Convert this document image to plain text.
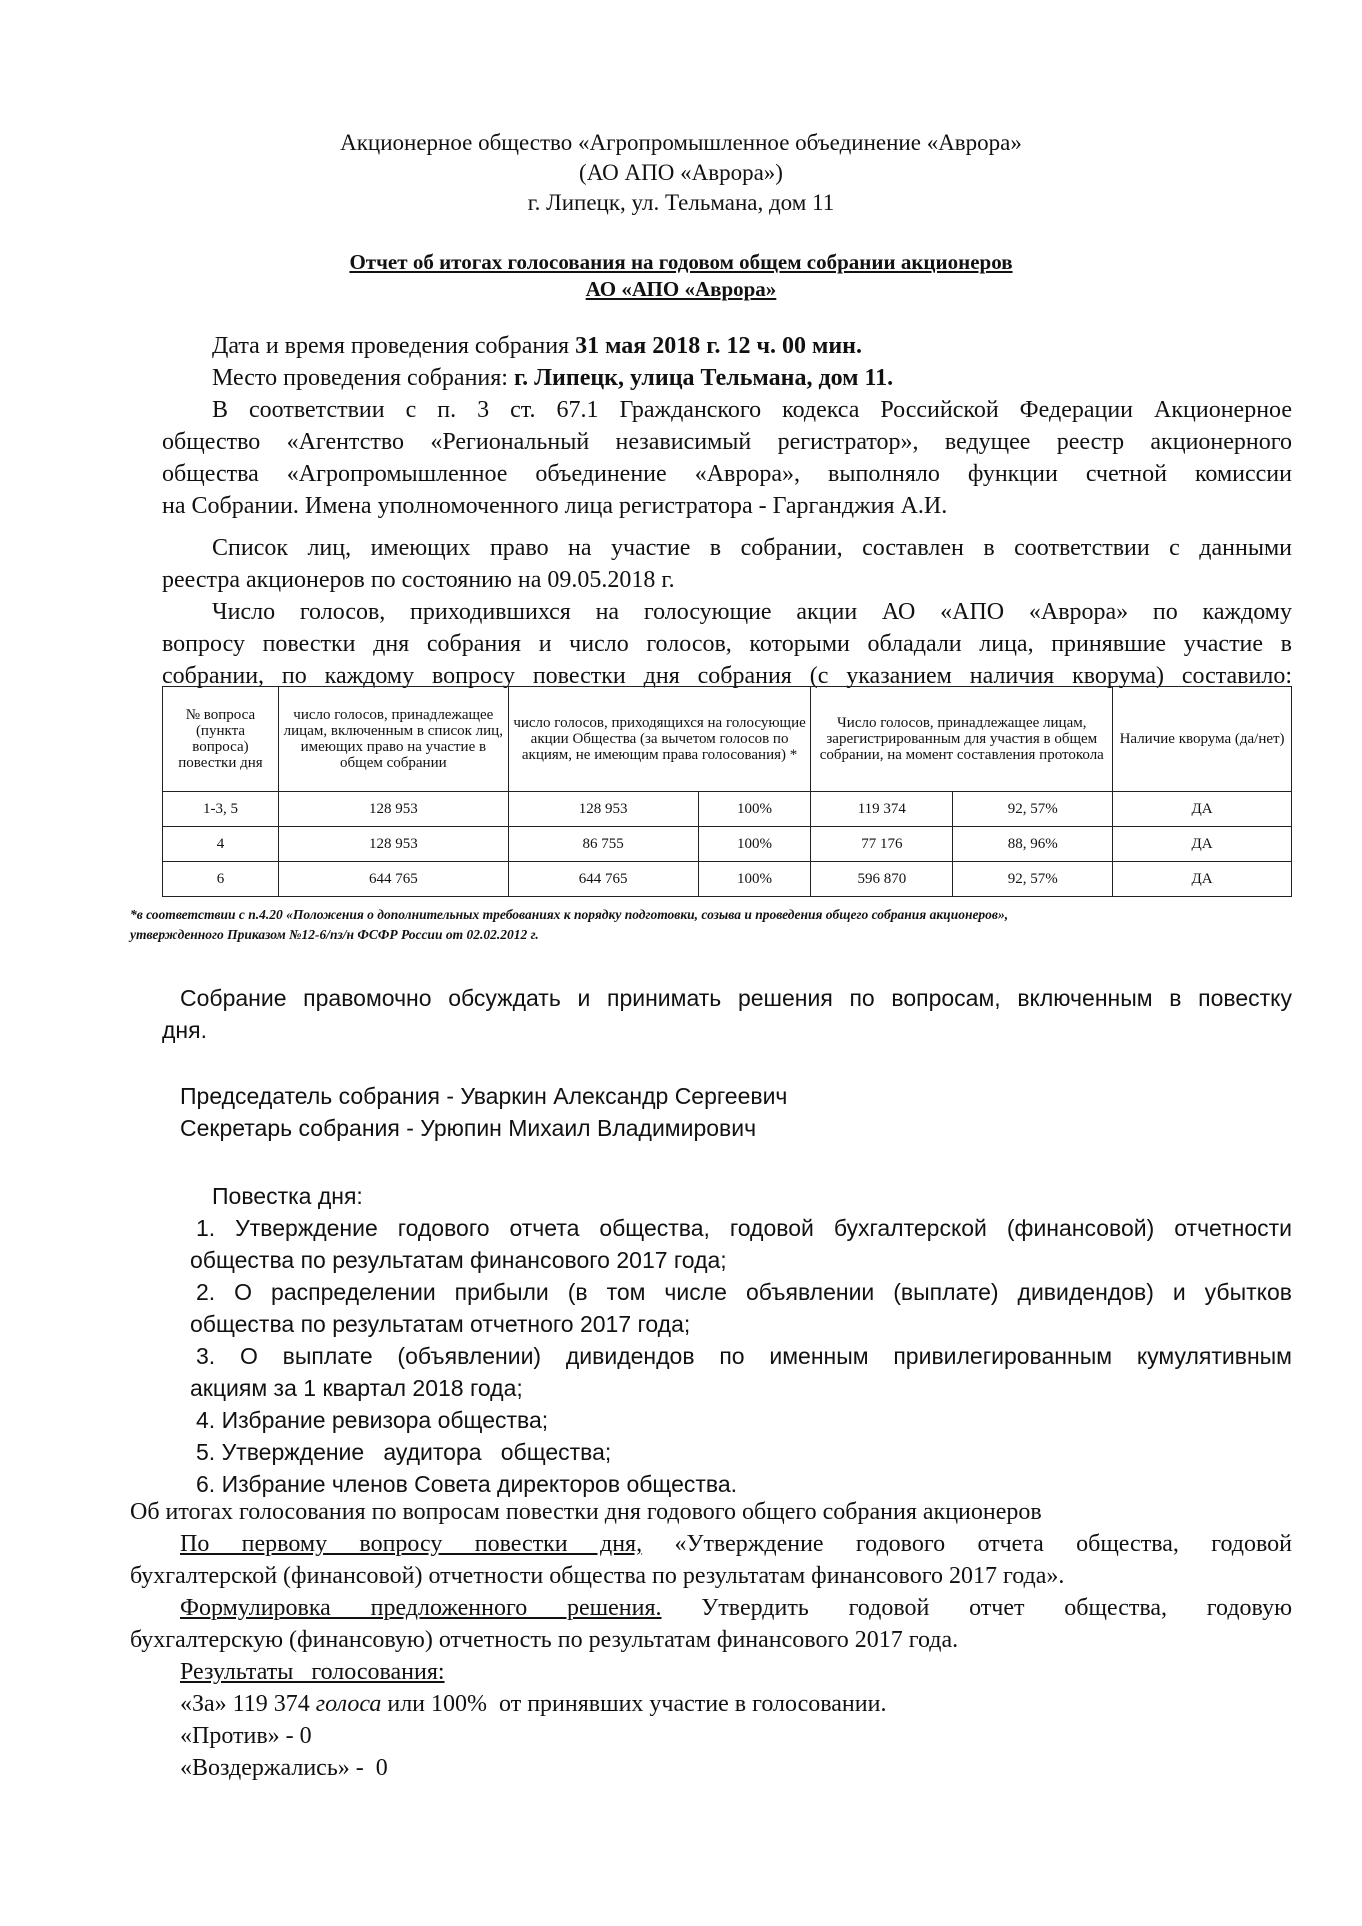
Акционерное общество «Агропромышленное объединение «Аврора»
(АО АПО «Аврора»)
г. Липецк, ул. Тельмана, дом 11
Отчет об итогах голосования на годовом общем собрании акционеров
АО «АПО «Аврора»
Дата и время проведения собрания 31 мая 2018 г. 12 ч. 00 мин.
Место проведения собрания: г. Липецк, улица Тельмана, дом 11.
В соответствии с п. 3 ст. 67.1 Гражданского кодекса Российской Федерации Акционерное
общество «Агентство «Региональный независимый регистратор», ведущее реестр акционерного
общества «Агропромышленное объединение «Аврора», выполняло функции счетной комиссии
на Собрании. Имена уполномоченного лица регистратора - Гарганджия А.И.
Список лиц, имеющих право на участие в собрании, составлен в соответствии с данными
реестра акционеров по состоянию на 09.05.2018 г.
Число голосов, приходившихся на голосующие акции АО «АПО «Аврора» по каждому
вопросу повестки дня собрания и число голосов, которыми обладали лица, принявшие участие в
собрании, по каждому вопросу повестки дня собрания (с указанием наличия кворума) составило:
№ вопроса (пункта вопроса) повестки дня	число голосов, принадлежащее лицам, включенным в список лиц, имеющих право на участие в общем собрании	число голосов, приходящихся на голосующие акции Общества (за вычетом голосов по акциям, не имеющим права голосования) *		Число голосов, принадлежащее лицам, зарегистрированным для участия в общем собрании, на момент составления протокола		Наличие кворума (да/нет)
1-3, 5	128 953	128 953	100%	119 374	92, 57%	ДА
4	128 953	86 755	100%	77 176	88, 96%	ДА
6	644 765	644 765	100%	596 870	92, 57%	ДА
*в соответствии с п.4.20 «Положения о дополнительных требованиях к порядку подготовки, созыва и проведения общего собрания акционеров»,
утвержденного Приказом №12-6/пз/н ФСФР России от 02.02.2012 г.
Собрание правомочно обсуждать и принимать решения по вопросам, включенным в повестку
дня.
Председатель собрания - Уваркин Александр Сергеевич
Секретарь собрания - Урюпин Михаил Владимирович
Повестка дня:
1. Утверждение годового отчета общества, годовой бухгалтерской (финансовой) отчетности
общества по результатам финансового 2017 года;
2. О распределении прибыли (в том числе объявлении (выплате) дивидендов) и убытков
общества по результатам отчетного 2017 года;
3. О выплате (объявлении) дивидендов по именным привилегированным кумулятивным
акциям за 1 квартал 2018 года;
4. Избрание ревизора общества;
5. Утверждение   аудитора   общества;
6. Избрание членов Совета директоров общества.
Об итогах голосования по вопросам повестки дня годового общего собрания акционеров
По первому вопросу повестки дня, «Утверждение годового отчета общества, годовой
бухгалтерской (финансовой) отчетности общества по результатам финансового 2017 года».
Формулировка предложенного решения. Утвердить годовой отчет общества, годовую
бухгалтерскую (финансовую) отчетность по результатам финансового 2017 года.
Результаты   голосования:
«За» 119 374 голоса или 100%  от принявших участие в голосовании.
«Против» - 0
«Воздержались» -  0
